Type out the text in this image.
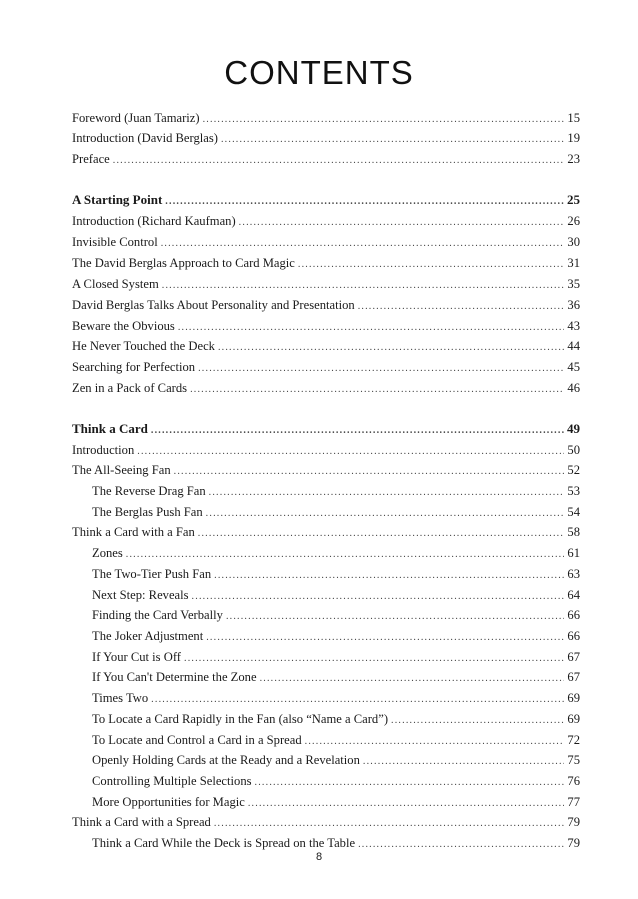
CONTENTS
Foreword (Juan Tamariz) .....	15
Introduction (David Berglas) .....	19
Preface .....	23
A Starting Point .....	25
Introduction (Richard Kaufman) .....	26
Invisible Control .....	30
The David Berglas Approach to Card Magic .....	31
A Closed System .....	35
David Berglas Talks About Personality and Presentation .....	36
Beware the Obvious .....	43
He Never Touched the Deck .....	44
Searching for Perfection .....	45
Zen in a Pack of Cards .....	46
Think a Card .....	49
Introduction .....	50
The All-Seeing Fan .....	52
The Reverse Drag Fan .....	53
The Berglas Push Fan .....	54
Think a Card with a Fan .....	58
Zones .....	61
The Two-Tier Push Fan .....	63
Next Step: Reveals .....	64
Finding the Card Verbally .....	66
The Joker Adjustment .....	66
If Your Cut is Off .....	67
If You Can't Determine the Zone .....	67
Times Two .....	69
To Locate a Card Rapidly in the Fan (also “Name a Card”) .....	69
To Locate and Control a Card in a Spread .....	72
Openly Holding Cards at the Ready and a Revelation .....	75
Controlling Multiple Selections .....	76
More Opportunities for Magic .....	77
Think a Card with a Spread .....	79
Think a Card While the Deck is Spread on the Table .....	79
8
